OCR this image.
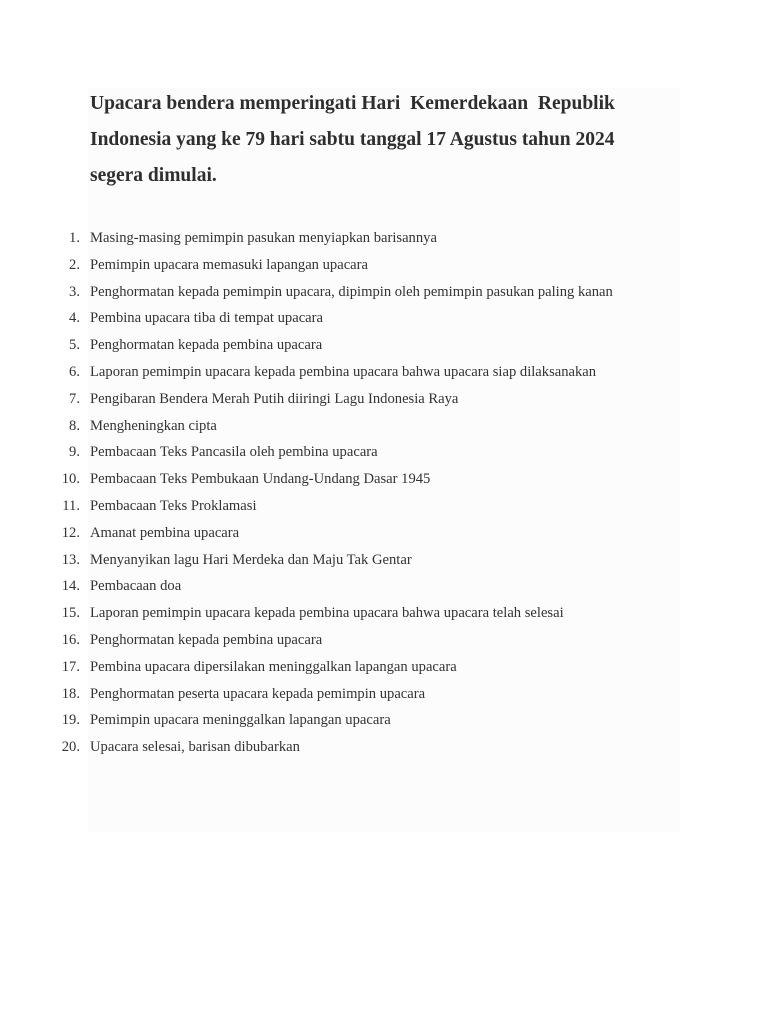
Upacara bendera memperingati Hari  Kemerdekaan  Republik
Indonesia yang ke 79 hari sabtu tanggal 17 Agustus tahun 2024
segera dimulai.
1. Masing-masing pemimpin pasukan menyiapkan barisannya
2. Pemimpin upacara memasuki lapangan upacara
3. Penghormatan kepada pemimpin upacara, dipimpin oleh pemimpin pasukan paling kanan
4. Pembina upacara tiba di tempat upacara
5. Penghormatan kepada pembina upacara
6. Laporan pemimpin upacara kepada pembina upacara bahwa upacara siap dilaksanakan
7. Pengibaran Bendera Merah Putih diiringi Lagu Indonesia Raya
8. Mengheningkan cipta
9. Pembacaan Teks Pancasila oleh pembina upacara
10. Pembacaan Teks Pembukaan Undang-Undang Dasar 1945
11. Pembacaan Teks Proklamasi
12. Amanat pembina upacara
13. Menyanyikan lagu Hari Merdeka dan Maju Tak Gentar
14. Pembacaan doa
15. Laporan pemimpin upacara kepada pembina upacara bahwa upacara telah selesai
16. Penghormatan kepada pembina upacara
17. Pembina upacara dipersilakan meninggalkan lapangan upacara
18. Penghormatan peserta upacara kepada pemimpin upacara
19. Pemimpin upacara meninggalkan lapangan upacara
20. Upacara selesai, barisan dibubarkan
